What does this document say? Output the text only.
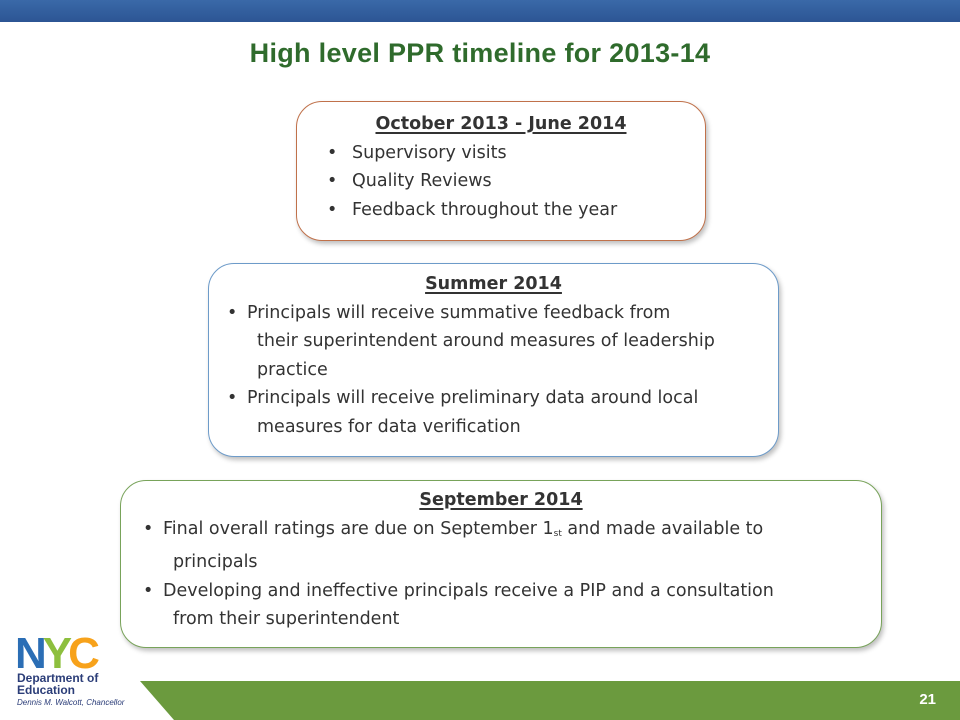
High level PPR timeline for 2013-14
October 2013 - June 2014
• Supervisory visits
• Quality Reviews
• Feedback throughout the year
Summer 2014
• Principals will receive summative feedback from
their superintendent around measures of leadership
practice
• Principals will receive preliminary data around local
measures for data verification
September 2014
• Final overall ratings are due on September $1_{st}$ and made available to
principals
• Developing and ineffective principals receive a PIP and a consultation
from their superintendent
NYC
Department of
Education
Dennis M. Walcott, Chancellor	21
